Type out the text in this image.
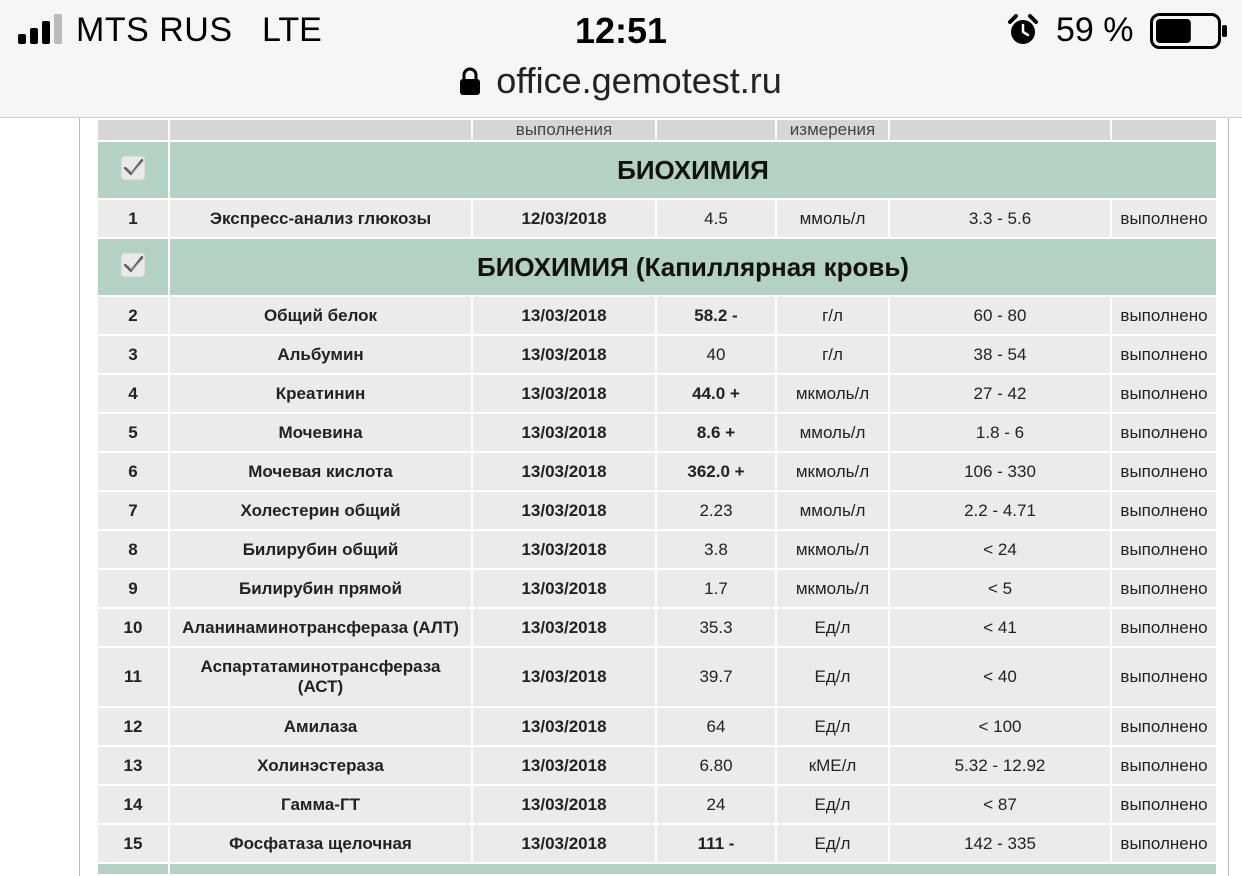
MTS RUS LTE	12:51	59 %
office.gemotest.ru
		выполнения		измерения		
	БИОХИМИЯ					
1	Экспресс-анализ глюкозы	12/03/2018	4.5	ммоль/л	3.3 - 5.6	выполнено
	БИОХИМИЯ (Капиллярная кровь)					
2	Общий белок	13/03/2018	58.2 -	г/л	60 - 80	выполнено
3	Альбумин	13/03/2018	40	г/л	38 - 54	выполнено
4	Креатинин	13/03/2018	44.0 +	мкмоль/л	27 - 42	выполнено
5	Мочевина	13/03/2018	8.6 +	ммоль/л	1.8 - 6	выполнено
6	Мочевая кислота	13/03/2018	362.0 +	мкмоль/л	106 - 330	выполнено
7	Холестерин общий	13/03/2018	2.23	ммоль/л	2.2 - 4.71	выполнено
8	Билирубин общий	13/03/2018	3.8	мкмоль/л	< 24	выполнено
9	Билирубин прямой	13/03/2018	1.7	мкмоль/л	< 5	выполнено
10	Аланинаминотрансфераза (АЛТ)	13/03/2018	35.3	Ед/л	< 41	выполнено
11	Аспартатаминотрансфераза (АСТ)	13/03/2018	39.7	Ед/л	< 40	выполнено
12	Амилаза	13/03/2018	64	Ед/л	< 100	выполнено
13	Холинэстераза	13/03/2018	6.80	кМЕ/л	5.32 - 12.92	выполнено
14	Гамма-ГТ	13/03/2018	24	Ед/л	< 87	выполнено
15	Фосфатаза щелочная	13/03/2018	111 -	Ед/л	142 - 335	выполнено
